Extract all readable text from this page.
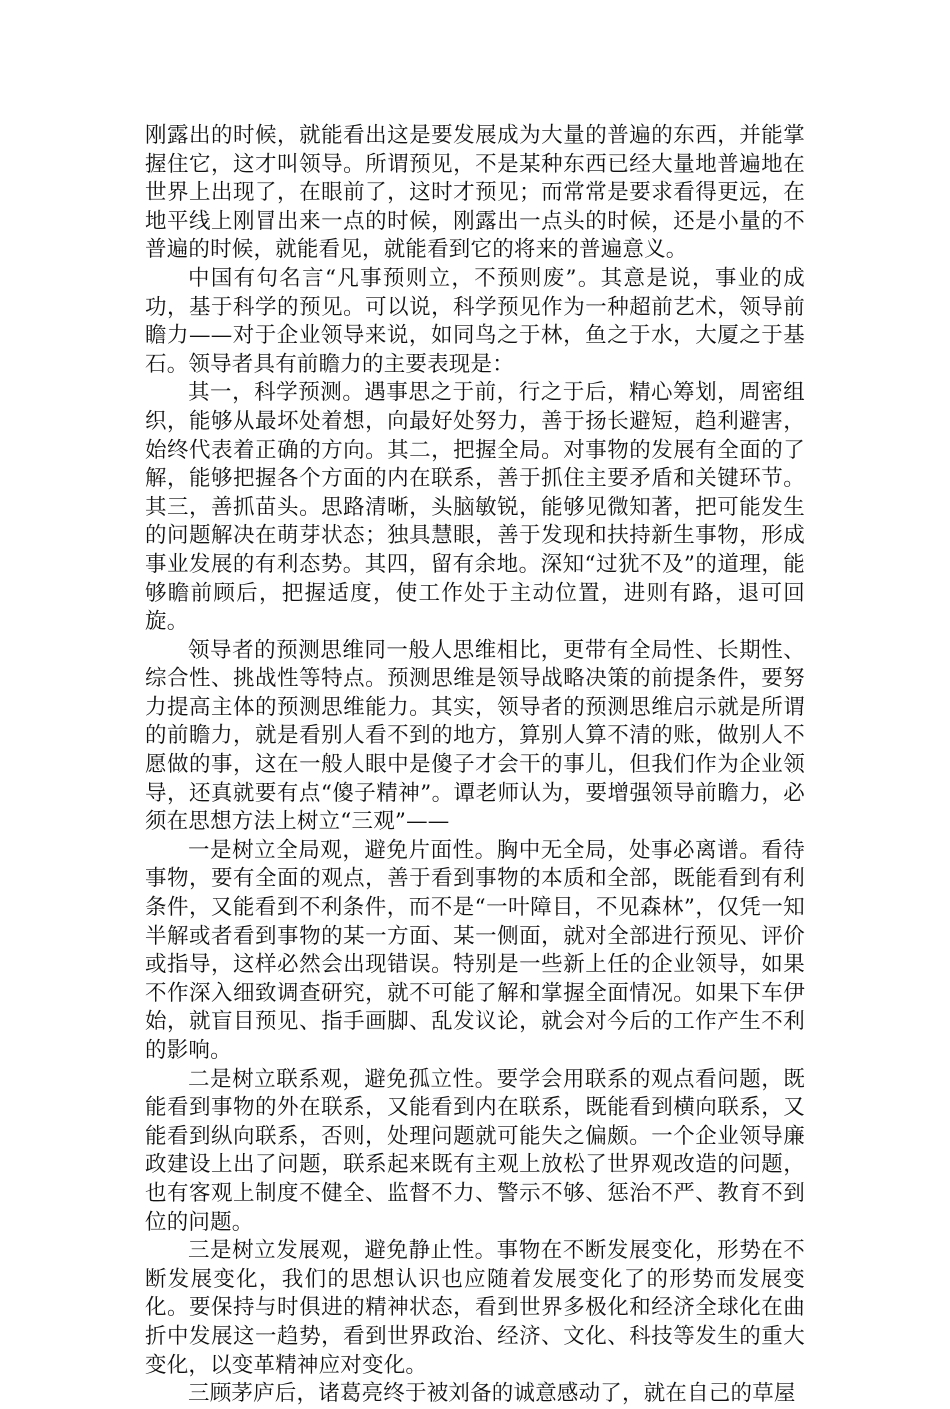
刚露出的时候，就能看出这是要发展成为大量的普遍的东西，并能掌握住它，这才叫领导。所谓预见，不是某种东西已经大量地普遍地在世界上出现了，在眼前了，这时才预见；而常常是要求看得更远，在地平线上刚冒出来一点的时候，刚露出一点头的时候，还是小量的不普遍的时候，就能看见，就能看到它的将来的普遍意义。

中国有句名言“凡事预则立，不预则废”。其意是说，事业的成功，基于科学的预见。可以说，科学预见作为一种超前艺术，领导前瞻力——对于企业领导来说，如同鸟之于林，鱼之于水，大厦之于基石。领导者具有前瞻力的主要表现是：

其一，科学预测。遇事思之于前，行之于后，精心筹划，周密组织，能够从最坏处着想，向最好处努力，善于扬长避短，趋利避害，始终代表着正确的方向。其二，把握全局。对事物的发展有全面的了解，能够把握各个方面的内在联系，善于抓住主要矛盾和关键环节。其三，善抓苗头。思路清晰，头脑敏锐，能够见微知著，把可能发生的问题解决在萌芽状态；独具慧眼，善于发现和扶持新生事物，形成事业发展的有利态势。其四，留有余地。深知“过犹不及”的道理，能够瞻前顾后，把握适度，使工作处于主动位置，进则有路，退可回旋。

领导者的预测思维同一般人思维相比，更带有全局性、长期性、综合性、挑战性等特点。预测思维是领导战略决策的前提条件，要努力提高主体的预测思维能力。其实，领导者的预测思维启示就是所谓的前瞻力，就是看别人看不到的地方，算别人算不清的账，做别人不愿做的事，这在一般人眼中是傻子才会干的事儿，但我们作为企业领导，还真就要有点“傻子精神”。谭老师认为，要增强领导前瞻力，必须在思想方法上树立“三观”——

一是树立全局观，避免片面性。胸中无全局，处事必离谱。看待事物，要有全面的观点，善于看到事物的本质和全部，既能看到有利条件，又能看到不利条件，而不是“一叶障目，不见森林”，仅凭一知半解或者看到事物的某一方面、某一侧面，就对全部进行预见、评价或指导，这样必然会出现错误。特别是一些新上任的企业领导，如果不作深入细致调查研究，就不可能了解和掌握全面情况。如果下车伊始，就盲目预见、指手画脚、乱发议论，就会对今后的工作产生不利的影响。

二是树立联系观，避免孤立性。要学会用联系的观点看问题，既能看到事物的外在联系，又能看到内在联系，既能看到横向联系，又能看到纵向联系，否则，处理问题就可能失之偏颇。一个企业领导廉政建设上出了问题，联系起来既有主观上放松了世界观改造的问题，也有客观上制度不健全、监督不力、警示不够、惩治不严、教育不到位的问题。

三是树立发展观，避免静止性。事物在不断发展变化，形势在不断发展变化，我们的思想认识也应随着发展变化了的形势而发展变化。要保持与时俱进的精神状态，看到世界多极化和经济全球化在曲折中发展这一趋势，看到世界政治、经济、文化、科技等发生的重大变化，以变革精神应对变化。

三顾茅庐后，诸葛亮终于被刘备的诚意感动了，就在自己的草屋
